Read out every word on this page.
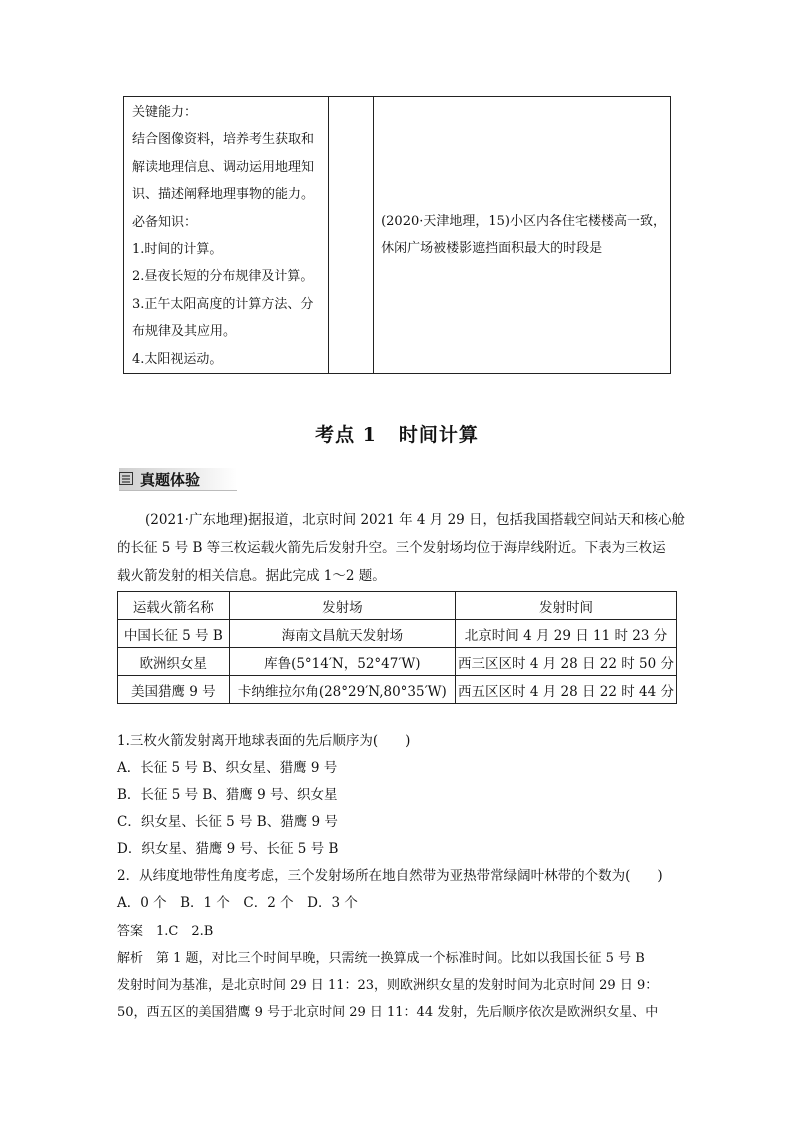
关键能力：
结合图像资料，培养考生获取和
解读地理信息、调动运用地理知
识、描述阐释地理事物的能力。
必备知识：
1.时间的计算。
2.昼夜长短的分布规律及计算。
3.正午太阳高度的计算方法、分
布规律及其应用。
4.太阳视运动。

(2020·天津地理，15)小区内各住宅楼楼高一致，
休闲广场被楼影遮挡面积最大的时段是
考点 1 时间计算
真题体验
(2021·广东地理)据报道，北京时间 2021 年 4 月 29 日，包括我国搭载空间站天和核心舱
的长征 5 号 B 等三枚运载火箭先后发射升空。三个发射场均位于海岸线附近。下表为三枚运
载火箭发射的相关信息。据此完成 1～2 题。
运载火箭名称	发射场	发射时间
中国长征 5 号 B	海南文昌航天发射场	北京时间 4 月 29 日 11 时 23 分
欧洲织女星	库鲁(5°14′N，52°47′W)	西三区区时 4 月 28 日 22 时 50 分
美国猎鹰 9 号	卡纳维拉尔角(28°29′N,80°35′W)	西五区区时 4 月 28 日 22 时 44 分
1.三枚火箭发射离开地球表面的先后顺序为(　　)
A．长征 5 号 B、织女星、猎鹰 9 号
B．长征 5 号 B、猎鹰 9 号、织女星
C．织女星、长征 5 号 B、猎鹰 9 号
D．织女星、猎鹰 9 号、长征 5 号 B
2．从纬度地带性角度考虑，三个发射场所在地自然带为亚热带常绿阔叶林带的个数为(　　)
A．0 个　B．1 个　C．2 个　D．3 个
答案　1.C　2.B
解析　第 1 题，对比三个时间早晚，只需统一换算成一个标准时间。比如以我国长征 5 号 B
发射时间为基准，是北京时间 29 日 11：23，则欧洲织女星的发射时间为北京时间 29 日 9：
50，西五区的美国猎鹰 9 号于北京时间 29 日 11：44 发射，先后顺序依次是欧洲织女星、中
